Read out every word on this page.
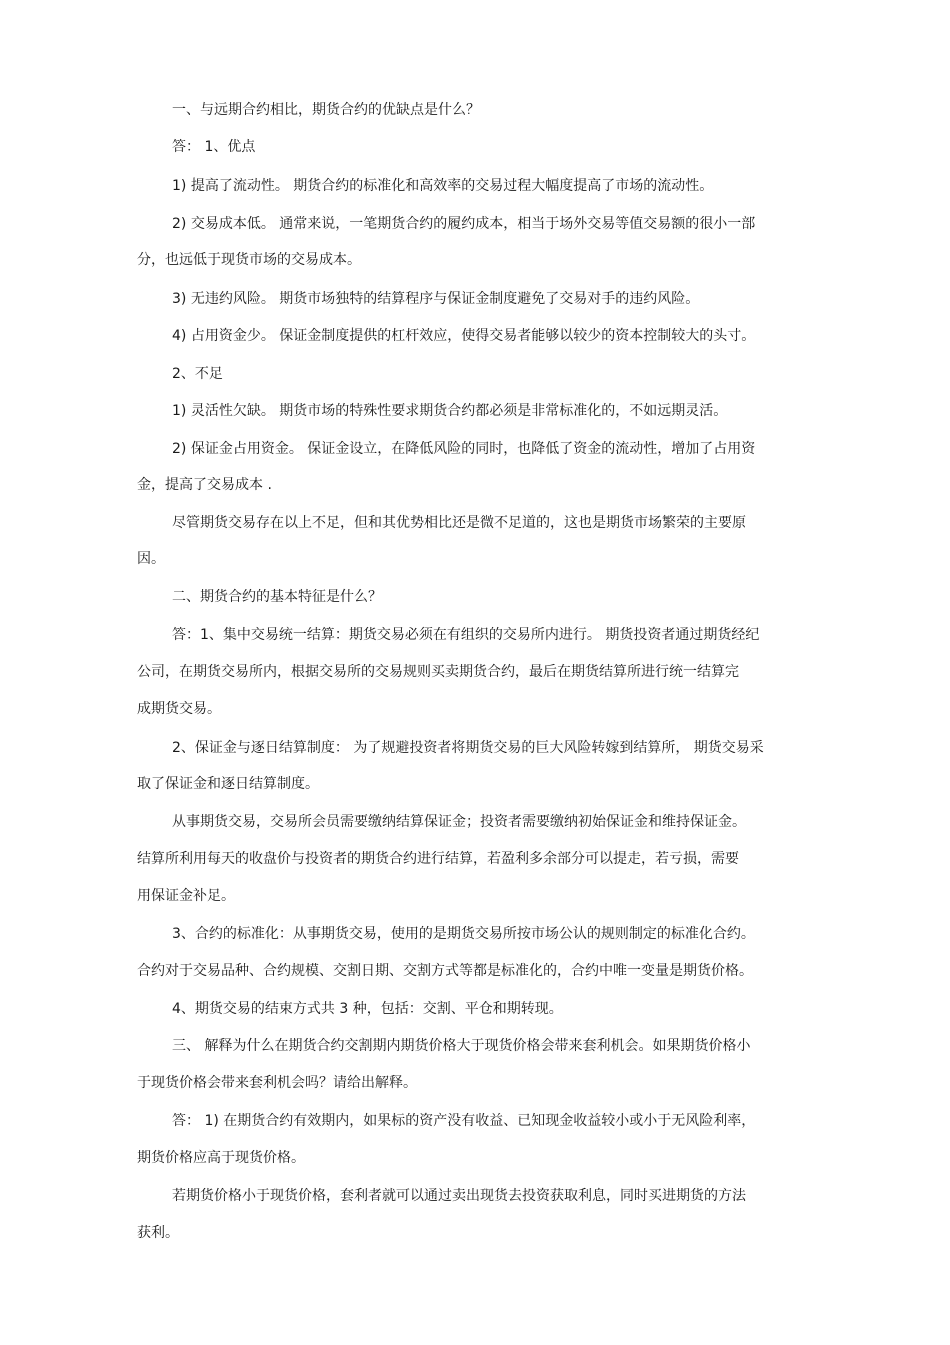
一、与远期合约相比，期货合约的优缺点是什么？
答： 1、优点
1) 提高了流动性。 期货合约的标准化和高效率的交易过程大幅度提高了市场的流动性。
2) 交易成本低。 通常来说，一笔期货合约的履约成本，相当于场外交易等值交易额的很小一部
分，也远低于现货市场的交易成本。
3) 无违约风险。 期货市场独特的结算程序与保证金制度避免了交易对手的违约风险。
4) 占用资金少。 保证金制度提供的杠杆效应，使得交易者能够以较少的资本控制较大的头寸。
2、不足
1) 灵活性欠缺。 期货市场的特殊性要求期货合约都必须是非常标准化的，不如远期灵活。
2) 保证金占用资金。 保证金设立，在降低风险的同时，也降低了资金的流动性，增加了占用资
金，提高了交易成本 .
尽管期货交易存在以上不足，但和其优势相比还是微不足道的，这也是期货市场繁荣的主要原
因。
二、期货合约的基本特征是什么？
答：1、集中交易统一结算：期货交易必须在有组织的交易所内进行。 期货投资者通过期货经纪
公司，在期货交易所内，根据交易所的交易规则买卖期货合约，最后在期货结算所进行统一结算完
成期货交易。
2、保证金与逐日结算制度： 为了规避投资者将期货交易的巨大风险转嫁到结算所， 期货交易采
取了保证金和逐日结算制度。
从事期货交易，交易所会员需要缴纳结算保证金；投资者需要缴纳初始保证金和维持保证金。
结算所利用每天的收盘价与投资者的期货合约进行结算，若盈利多余部分可以提走，若亏损，需要
用保证金补足。
3、合约的标准化：从事期货交易，使用的是期货交易所按市场公认的规则制定的标准化合约。
合约对于交易品种、合约规模、交割日期、交割方式等都是标准化的，合约中唯一变量是期货价格。
4、期货交易的结束方式共 3 种，包括：交割、平仓和期转现。
三、 解释为什么在期货合约交割期内期货价格大于现货价格会带来套利机会。如果期货价格小
于现货价格会带来套利机会吗？请给出解释。
答： 1) 在期货合约有效期内，如果标的资产没有收益、已知现金收益较小或小于无风险利率，
期货价格应高于现货价格。
若期货价格小于现货价格，套利者就可以通过卖出现货去投资获取利息，同时买进期货的方法
获利。
